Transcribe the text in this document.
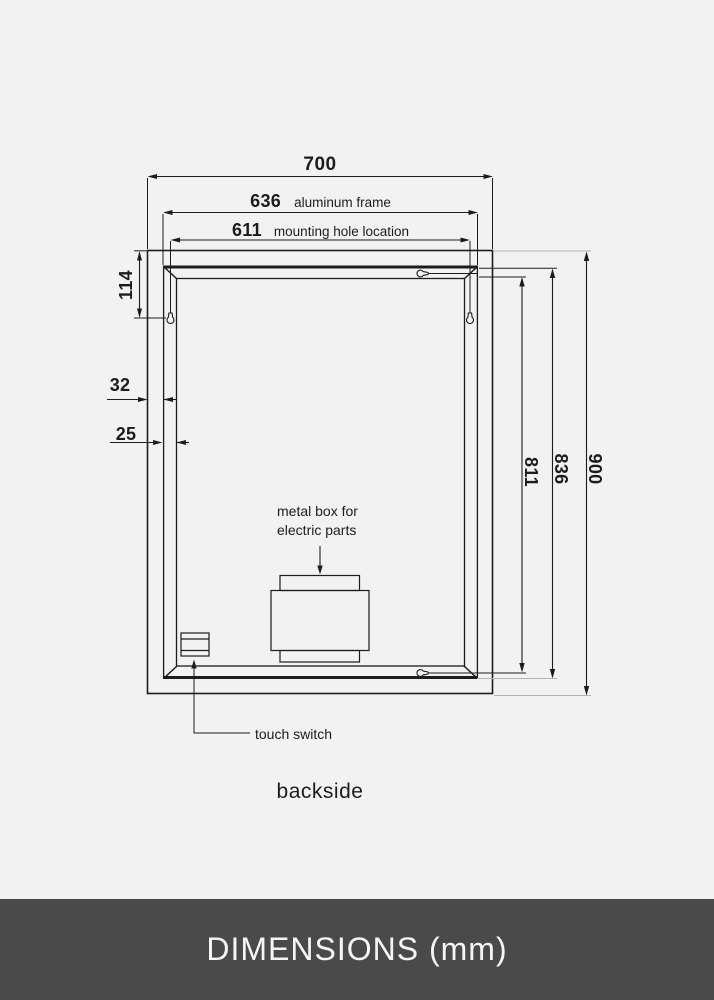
700
636 aluminum frame
611 mounting hole location
114
32
25
811 836 900
metal box for
electric parts
touch switch
backside
DIMENSIONS (mm)
